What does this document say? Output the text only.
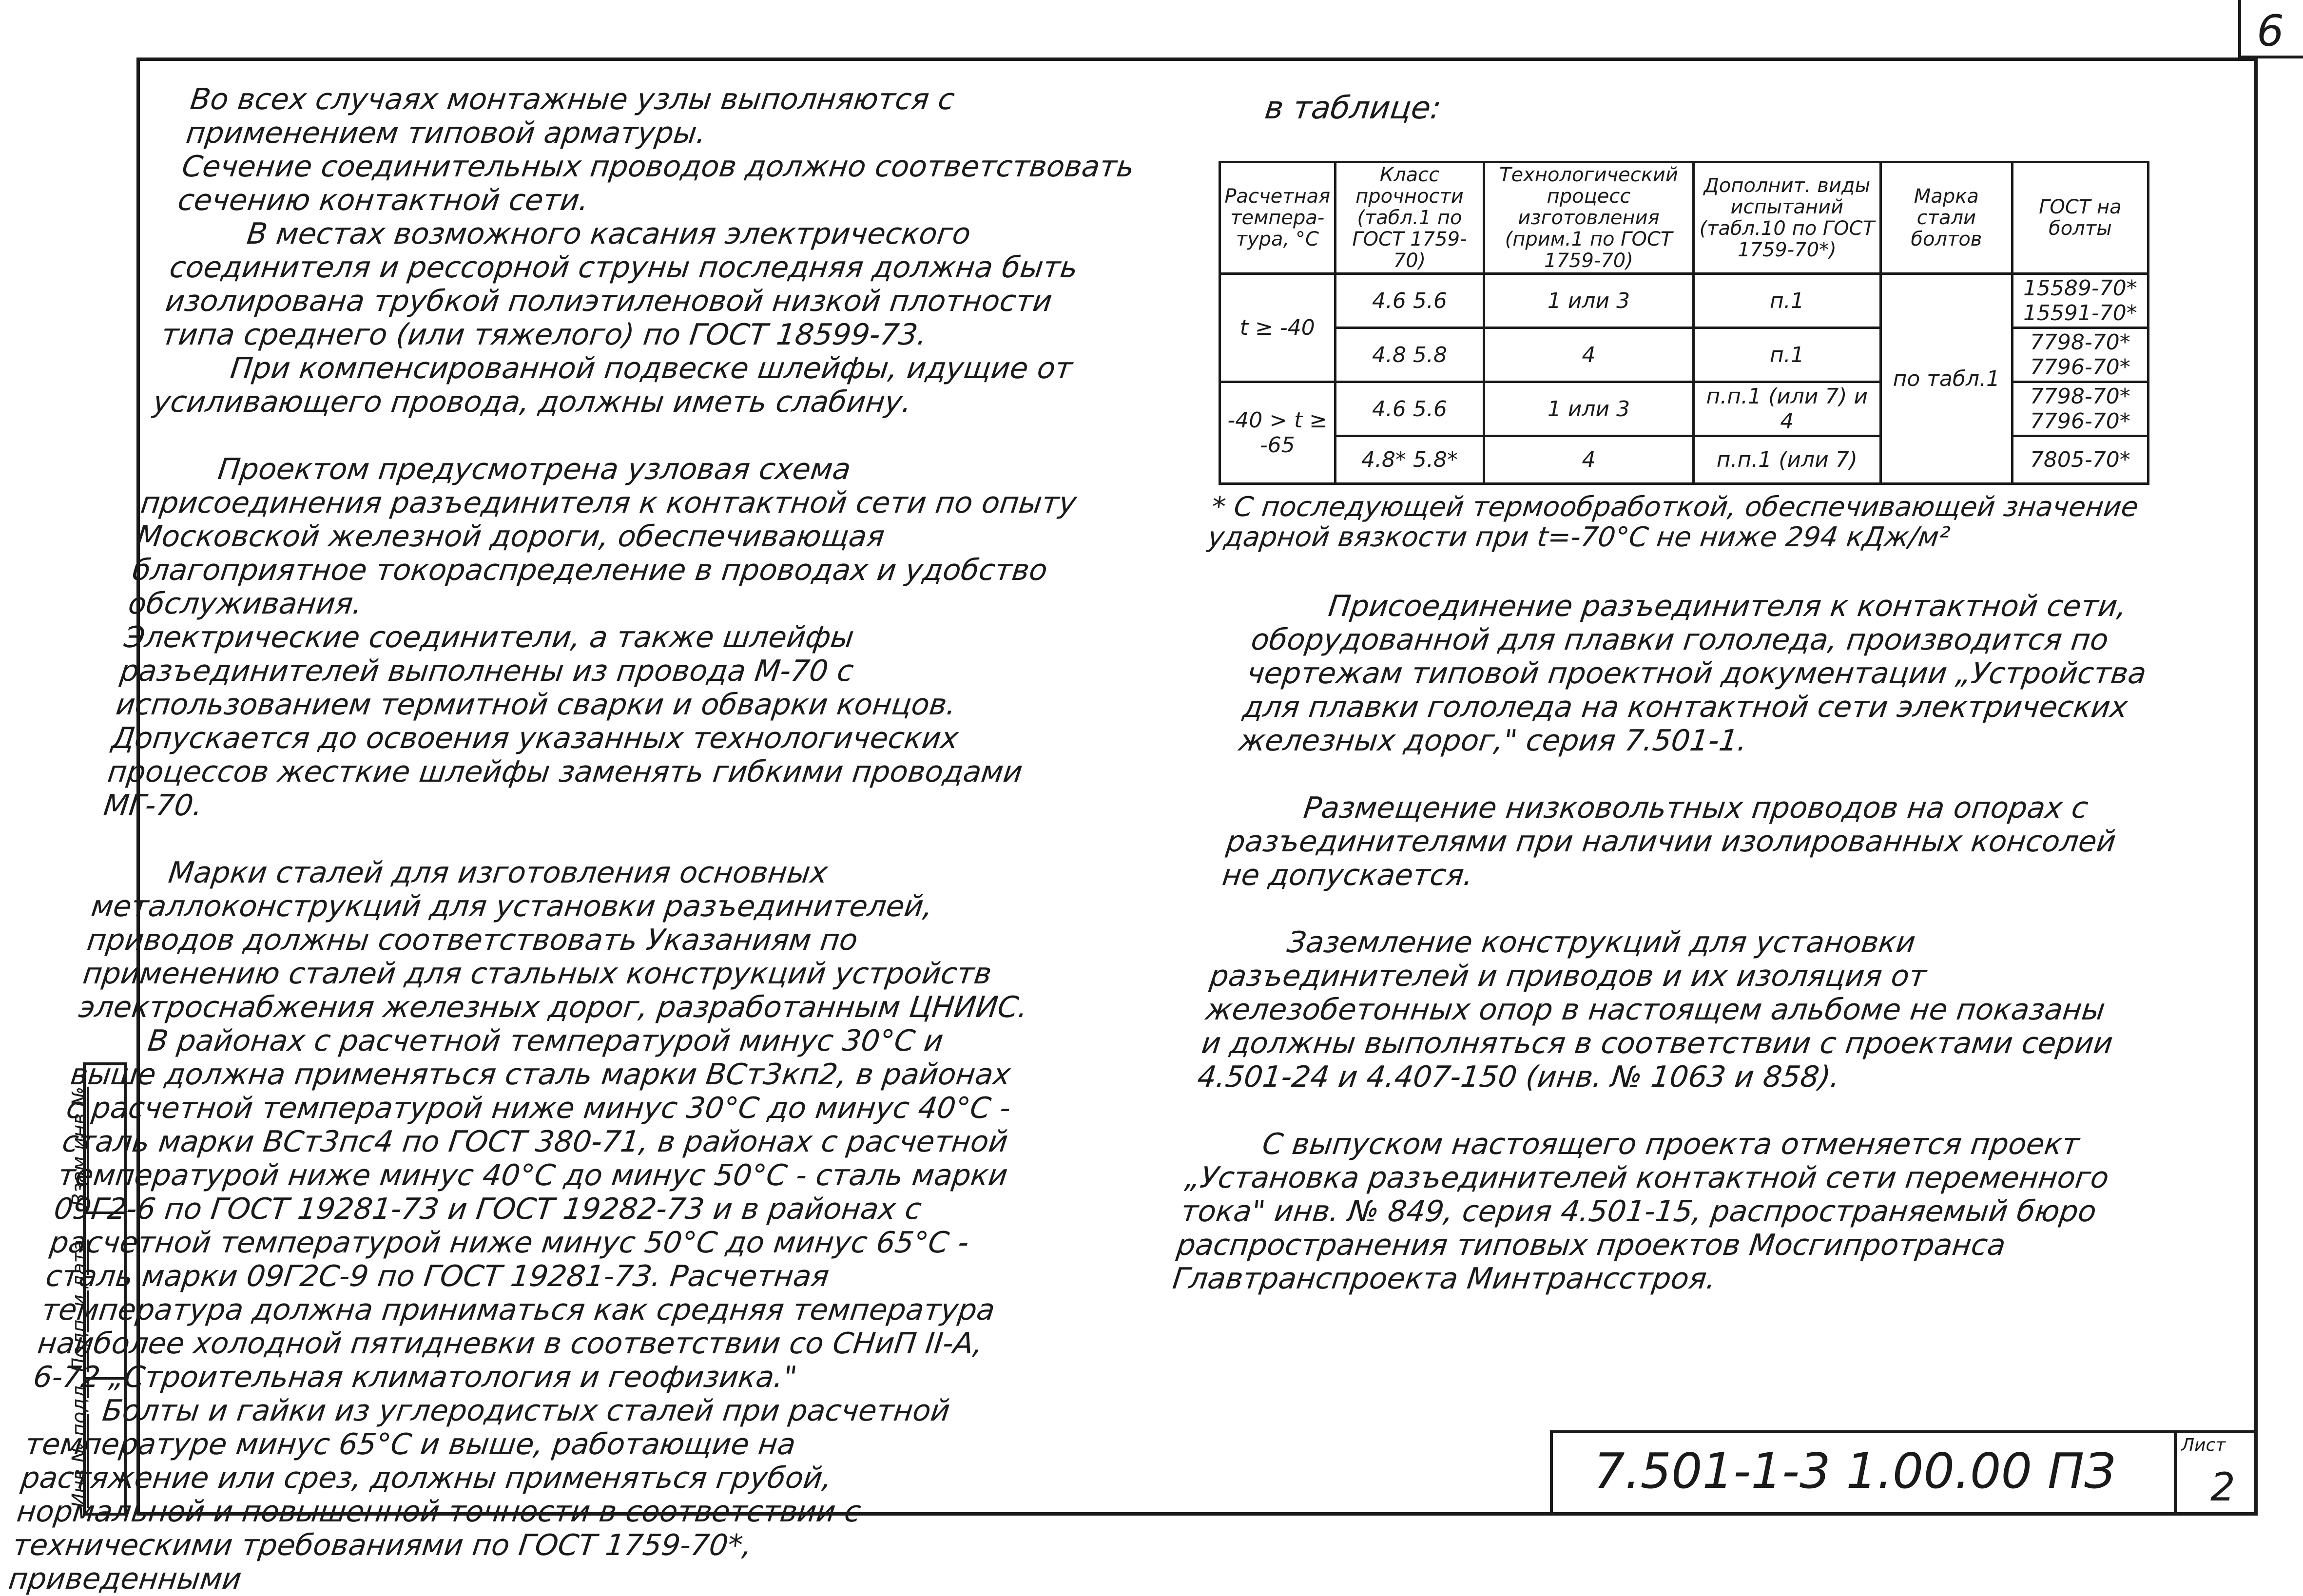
6

Во всех случаях монтажные узлы выполняются с применением типовой арматуры.

Сечение соединительных проводов должно соответствовать сечению контактной сети.

В местах возможного касания электрического соединителя и рессорной струны последняя должна быть изолирована трубкой полиэтиленовой низкой плотности типа среднего (или тяжелого) по ГОСТ 18599-73.

При компенсированной подвеске шлейфы, идущие от усиливающего провода, должны иметь слабину.

Проектом предусмотрена узловая схема присоединения разъединителя к контактной сети по опыту Московской железной дороги, обеспечивающая благоприятное токораспределение в проводах и удобство обслуживания.

Электрические соединители, а также шлейфы разъединителей выполнены из провода М-70 с использованием термитной сварки и обварки концов. Допускается до освоения указанных технологических процессов жесткие шлейфы заменять гибкими проводами МГ-70.

Марки сталей для изготовления основных металлоконструкций для установки разъединителей, приводов должны соответствовать Указаниям по применению сталей для стальных конструкций устройств электроснабжения железных дорог, разработанным ЦНИИС.

В районах с расчетной температурой минус 30°С и выше должна применяться сталь марки ВСт3кп2, в районах с расчетной температурой ниже минус 30°С до минус 40°С - сталь марки ВСт3пс4 по ГОСТ 380-71, в районах с расчетной температурой ниже минус 40°С до минус 50°С - сталь марки 09Г2-6 по ГОСТ 19281-73 и ГОСТ 19282-73 и в районах с расчетной температурой ниже минус 50°С до минус 65°С - сталь марки 09Г2С-9 по ГОСТ 19281-73. Расчетная температура должна приниматься как средняя температура наиболее холодной пятидневки в соответствии со СНиП II-А, 6-72 „Строительная климатология и геофизика."

Болты и гайки из углеродистых сталей при расчетной температуре минус 65°С и выше, работающие на растяжение или срез, должны применяться грубой, нормальной и повышенной точности в соответствии с техническими требованиями по ГОСТ 1759-70*, приведенными

в таблице:
Расчетная темпера-тура, °С	Класс прочности (табл.1 по ГОСТ 1759-70)	Технологический процесс изготовления (прим.1 по ГОСТ 1759-70)	Дополнит. виды испытаний (табл.10 по ГОСТ 1759-70*)	Марка стали болтов	ГОСТ на болты
t ≥ -40	4.6 5.6	1 или 3	п.1	по табл.1	15589-70*
15591-70*

	4.8 5.8	4	п.1		7798-70*
7796-70*

-40 > t ≥ -65	4.6 5.6	1 или 3	п.п.1 (или 7) и 4		7798-70*
7796-70*

	4.8* 5.8*	4	п.п.1 (или 7)		7805-70*
* С последующей термообработкой, обеспечивающей значение ударной вязкости при t=-70°С не ниже 294 кДж/м²

Присоединение разъединителя к контактной сети, оборудованной для плавки гололеда, производится по чертежам типовой проектной документации „Устройства для плавки гололеда на контактной сети электрических железных дорог," серия 7.501-1.

Размещение низковольтных проводов на опорах с разъединителями при наличии изолированных консолей не допускается.

Заземление конструкций для установки разъединителей и приводов и их изоляция от железобетонных опор в настоящем альбоме не показаны и должны выполняться в соответствии с проектами серии 4.501-24 и 4.407-150 (инв. № 1063 и 858).

С выпуском настоящего проекта отменяется проект „Установка разъединителей контактной сети переменного тока" инв. № 849, серия 4.501-15, распространяемый бюро распространения типовых проектов Мосгипротранса Главтранспроекта Минтрансстроя.

Взам.инв.№
Подп. и дата
Инв.№ подл.	7.501-1-3 1.00.00 ПЗ	Лист
2
